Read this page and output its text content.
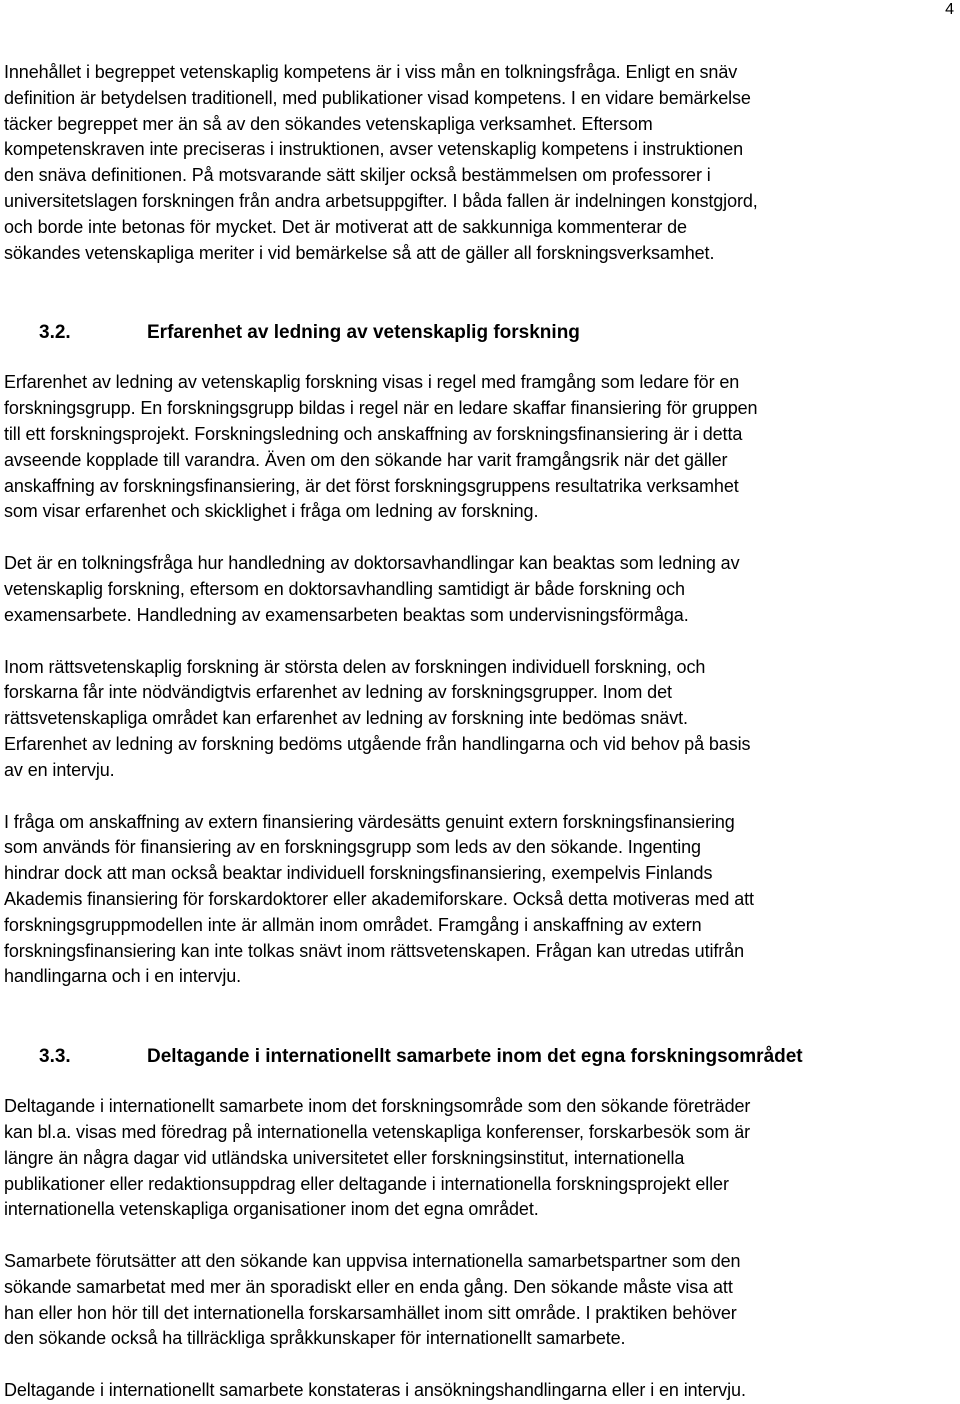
4

Innehållet i begreppet vetenskaplig kompetens är i viss mån en tolkningsfråga. Enligt en snäv
definition är betydelsen traditionell, med publikationer visad kompetens. I en vidare bemärkelse
täcker begreppet mer än så av den sökandes vetenskapliga verksamhet. Eftersom
kompetenskraven inte preciseras i instruktionen, avser vetenskaplig kompetens i instruktionen
den snäva definitionen. På motsvarande sätt skiljer också bestämmelsen om professorer i
universitetslagen forskningen från andra arbetsuppgifter. I båda fallen är indelningen konstgjord,
och borde inte betonas för mycket. Det är motiverat att de sakkunniga kommenterar de
sökandes vetenskapliga meriter i vid bemärkelse så att de gäller all forskningsverksamhet.

3.2.	Erfarenhet av ledning av vetenskaplig forskning

Erfarenhet av ledning av vetenskaplig forskning visas i regel med framgång som ledare för en
forskningsgrupp. En forskningsgrupp bildas i regel när en ledare skaffar finansiering för gruppen
till ett forskningsprojekt. Forskningsledning och anskaffning av forskningsfinansiering är i detta
avseende kopplade till varandra. Även om den sökande har varit framgångsrik när det gäller
anskaffning av forskningsfinansiering, är det först forskningsgruppens resultatrika verksamhet
som visar erfarenhet och skicklighet i fråga om ledning av forskning.

Det är en tolkningsfråga hur handledning av doktorsavhandlingar kan beaktas som ledning av
vetenskaplig forskning, eftersom en doktorsavhandling samtidigt är både forskning och
examensarbete. Handledning av examensarbeten beaktas som undervisningsförmåga.

Inom rättsvetenskaplig forskning är största delen av forskningen individuell forskning, och
forskarna får inte nödvändigtvis erfarenhet av ledning av forskningsgrupper. Inom det
rättsvetenskapliga området kan erfarenhet av ledning av forskning inte bedömas snävt.
Erfarenhet av ledning av forskning bedöms utgående från handlingarna och vid behov på basis
av en intervju.

I fråga om anskaffning av extern finansiering värdesätts genuint extern forskningsfinansiering
som används för finansiering av en forskningsgrupp som leds av den sökande. Ingenting
hindrar dock att man också beaktar individuell forskningsfinansiering, exempelvis Finlands
Akademis finansiering för forskardoktorer eller akademiforskare. Också detta motiveras med att
forskningsgruppmodellen inte är allmän inom området. Framgång i anskaffning av extern
forskningsfinansiering kan inte tolkas snävt inom rättsvetenskapen. Frågan kan utredas utifrån
handlingarna och i en intervju.

3.3.	Deltagande i internationellt samarbete inom det egna forskningsområdet

Deltagande i internationellt samarbete inom det forskningsområde som den sökande företräder
kan bl.a. visas med föredrag på internationella vetenskapliga konferenser, forskarbesök som är
längre än några dagar vid utländska universitetet eller forskningsinstitut, internationella
publikationer eller redaktionsuppdrag eller deltagande i internationella forskningsprojekt eller
internationella vetenskapliga organisationer inom det egna området.

Samarbete förutsätter att den sökande kan uppvisa internationella samarbetspartner som den
sökande samarbetat med mer än sporadiskt eller en enda gång. Den sökande måste visa att
han eller hon hör till det internationella forskarsamhället inom sitt område. I praktiken behöver
den sökande också ha tillräckliga språkkunskaper för internationellt samarbete.

Deltagande i internationellt samarbete konstateras i ansökningshandlingarna eller i en intervju.
